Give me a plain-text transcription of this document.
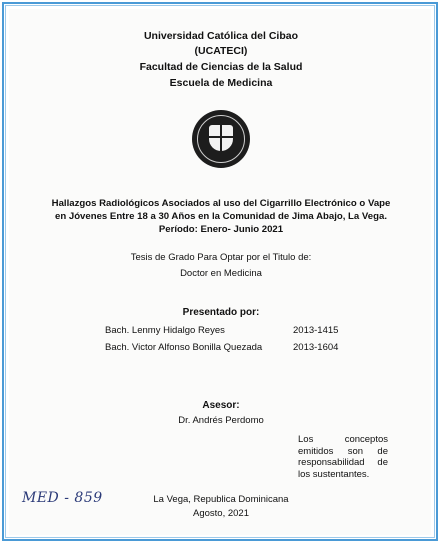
Universidad Católica del Cibao
(UCATECI)
Facultad de Ciencias de la Salud
Escuela de Medicina
Hallazgos Radiológicos Asociados al uso del Cigarrillo Electrónico o Vape
en Jóvenes Entre 18 a 30 Años en la Comunidad de Jima Abajo, La Vega.
Período: Enero- Junio 2021
Tesis de Grado Para Optar por el Titulo de:
Doctor en Medicina
Presentado por:
Bach. Lenmy Hidalgo Reyes	2013-1415
Bach. Victor Alfonso Bonilla Quezada	2013-1604
Asesor:
Dr. Andrés Perdomo
Los conceptos
emitidos son de
responsabilidad de
los sustentantes.
MED - 859	La Vega, Republica Dominicana
Agosto, 2021
